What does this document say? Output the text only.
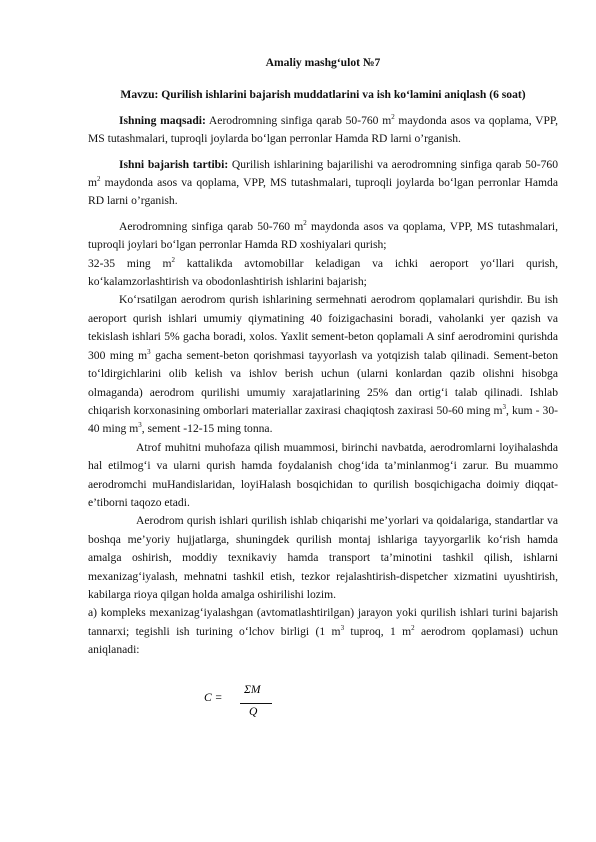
Amaliy mashg‘ulot №7
Mavzu: Qurilish ishlarini bajarish muddatlarini va ish ko‘lamini aniqlash (6 soat)

Ishning maqsadi: Aerodromning sinfiga qarab 50-760 $m^2$ maydonda asos va qoplama, VPP, MS tutashmalari, tuproqli joylarda bo‘lgan perronlar Hamda RD larni o’rganish.

Ishni bajarish tartibi: Qurilish ishlarining bajarilishi va aerodromning sinfiga qarab 50-760 $m^2$ maydonda asos va qoplama, VPP, MS tutashmalari, tuproqli joylarda bo‘lgan perronlar Hamda RD larni o’rganish.

Aerodromning sinfiga qarab 50-760 $m^2$ maydonda asos va qoplama, VPP, MS tutashmalari, tuproqli joylari bo‘lgan perronlar Hamda RD xoshiyalari qurish;

32-35 ming $m^2$ kattalikda avtomobillar keladigan va ichki aeroport yo‘llari qurish, ko‘kalamzorlashtirish va obodonlashtirish ishlarini bajarish;

Ko‘rsatilgan aerodrom qurish ishlarining sermehnati aerodrom qoplamalari qurishdir. Bu ish aeroport qurish ishlari umumiy qiymatining 40 foizigachasini boradi, vaholanki yer qazish va tekislash ishlari 5% gacha boradi, xolos. Yaxlit sement-beton qoplamali A sinf aerodromini qurishda 300 ming $m^3$ gacha sement-beton qorishmasi tayyorlash va yotqizish talab qilinadi. Sement-beton to‘ldirgichlarini olib kelish va ishlov berish uchun (ularni konlardan qazib olishni hisobga olmaganda) aerodrom qurilishi umumiy xarajatlarining 25% dan ortig‘i talab qilinadi. Ishlab chiqarish korxonasining omborlari materiallar zaxirasi chaqiqtosh zaxirasi 50-60 ming $m^3$, kum - 30-40 ming $m^3$, sement -12-15 ming tonna.

Atrof muhitni muhofaza qilish muammosi, birinchi navbatda, aerodromlarni loyihalashda hal etilmog‘i va ularni qurish hamda foydalanish chog‘ida ta’minlanmog‘i zarur. Bu muammo aerodromchi muHandislaridan, loyiHalash bosqichidan to qurilish bosqichigacha doimiy diqqat-e’tiborni taqozo etadi.

Aerodrom qurish ishlari qurilish ishlab chiqarishi me’yorlari va qoidalariga, standartlar va boshqa me’yoriy hujjatlarga, shuningdek qurilish montaj ishlariga tayyorgarlik ko‘rish hamda amalga oshirish, moddiy texnikaviy hamda transport ta’minotini tashkil qilish, ishlarni mexanizag‘iyalash, mehnatni tashkil etish, tezkor rejalashtirish-dispetcher xizmatini uyushtirish, kabilarga rioya qilgan holda amalga oshirilishi lozim.

a) kompleks mexanizag‘iyalashgan (avtomatlashtirilgan) jarayon yoki qurilish ishlari turini bajarish tannarxi; tegishli ish turining o‘lchov birligi (1 $m^3$ tuproq, 1 $m^2$ aerodrom qoplamasi) uchun aniqlanadi:

C =
ΣM
Q
